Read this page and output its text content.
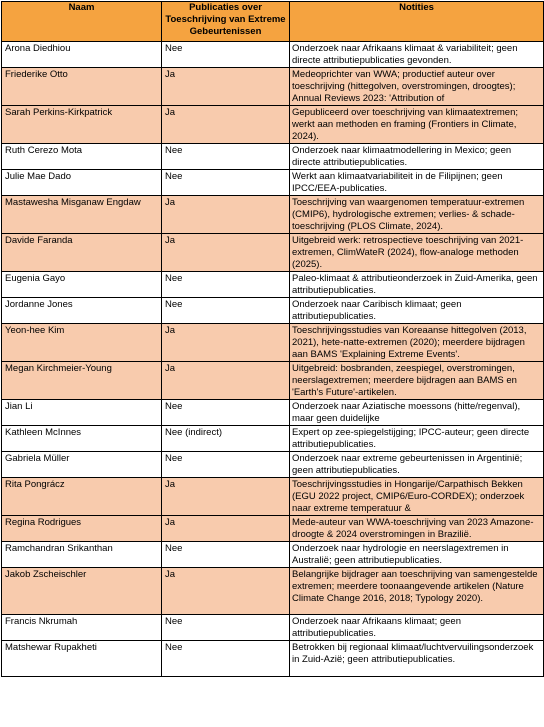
Naam	Publicaties over Toeschrijving van Extreme Gebeurtenissen	Notities
Arona Diedhiou	Nee	Onderzoek naar Afrikaans klimaat & variabiliteit; geen directe attributiepublicaties gevonden.
Friederike Otto	Ja	Medeoprichter van WWA; productief auteur over toeschrijving (hittegolven, overstromingen, droogtes); Annual Reviews 2023: 'Attribution of
Sarah Perkins-Kirkpatrick	Ja	Gepubliceerd over toeschrijving van klimaatextremen; werkt aan methoden en framing (Frontiers in Climate, 2024).
Ruth Cerezo Mota	Nee	Onderzoek naar klimaatmodellering in Mexico; geen directe attributiepublicaties.
Julie Mae Dado	Nee	Werkt aan klimaatvariabiliteit in de Filipijnen; geen IPCC/EEA-publicaties.
Mastawesha Misganaw Engdaw	Ja	Toeschrijving van waargenomen temperatuur-extremen (CMIP6), hydrologische extremen; verlies- & schade-toeschrijving (PLOS Climate, 2024).
Davide Faranda	Ja	Uitgebreid werk: retrospectieve toeschrijving van 2021-extremen, ClimWateR (2024), flow-analoge methoden (2025).
Eugenia Gayo	Nee	Paleo-klimaat & attributieonderzoek in Zuid-Amerika, geen attributiepublicaties.
Jordanne Jones	Nee	Onderzoek naar Caribisch klimaat; geen attributiepublicaties.
Yeon-hee Kim	Ja	Toeschrijvingsstudies van Koreaanse hittegolven (2013, 2021), hete-natte-extremen (2020); meerdere bijdragen aan BAMS 'Explaining Extreme Events'.
Megan Kirchmeier-Young	Ja	Uitgebreid: bosbranden, zeespiegel, overstromingen, neerslagextremen; meerdere bijdragen aan BAMS en 'Earth's Future'-artikelen.
Jian Li	Nee	Onderzoek naar Aziatische moessons (hitte/regenval), maar geen duidelijke
Kathleen McInnes	Nee (indirect)	Expert op zee-spiegelstijging; IPCC-auteur; geen directe attributiepublicaties.
Gabriela Müller	Nee	Onderzoek naar extreme gebeurtenissen in Argentinië; geen attributiepublicaties.
Rita Pongrácz	Ja	Toeschrijvingsstudies in Hongarije/Carpathisch Bekken (EGU 2022 project, CMIP6/Euro-CORDEX); onderzoek naar extreme temperatuur &
Regina Rodrigues	Ja	Mede-auteur van WWA-toeschrijving van 2023 Amazone-droogte & 2024 overstromingen in Brazilië.
Ramchandran Srikanthan	Nee	Onderzoek naar hydrologie en neerslagextremen in Australië; geen attributiepublicaties.
Jakob Zscheischler	Ja	Belangrijke bijdrager aan toeschrijving van samengestelde extremen; meerdere toonaangevende artikelen (Nature Climate Change 2016, 2018; Typology 2020).
Francis Nkrumah	Nee	Onderzoek naar Afrikaans klimaat; geen attributiepublicaties.
Matshewar Rupakheti	Nee	Betrokken bij regionaal klimaat/luchtvervuilingsonderzoek in Zuid-Azië; geen attributiepublicaties.
